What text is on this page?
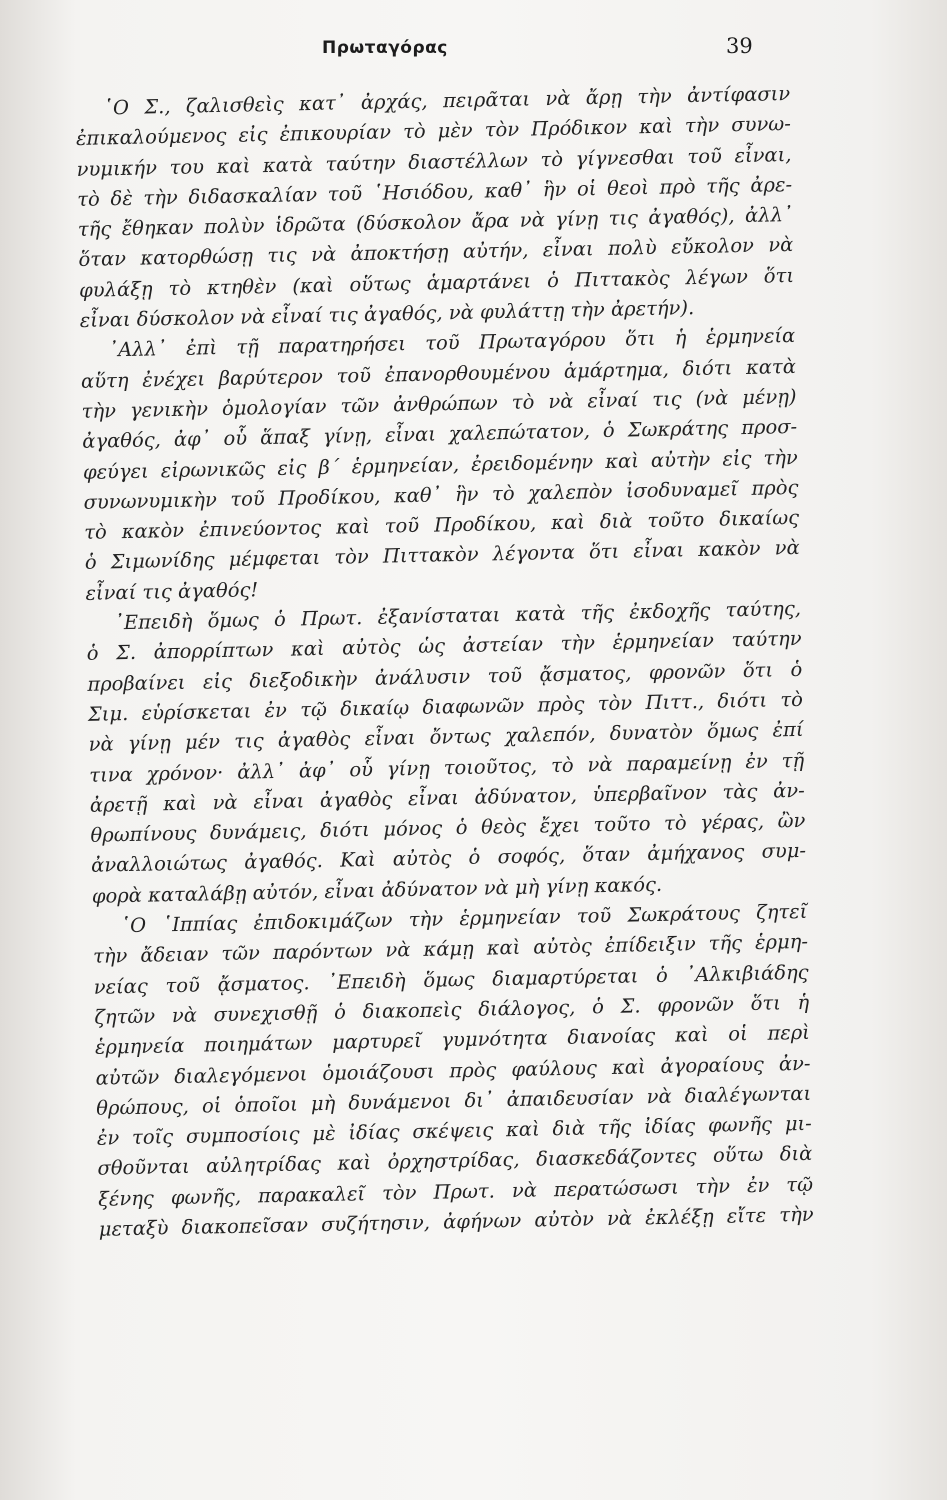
Πρωταγόρας	39
῾Ο Σ., ζαλισθεὶς κατ᾽ ἀρχάς, πειρᾶται νὰ ἄρῃ τὴν ἀντίφασιν
ἐπικαλούμενος εἰς ἐπικουρίαν τὸ μὲν τὸν Πρόδικον καὶ τὴν συνω-
νυμικήν του καὶ κατὰ ταύτην διαστέλλων τὸ γίγνεσθαι τοῦ εἶναι,
τὸ δὲ τὴν διδασκαλίαν τοῦ ῾Ησιόδου, καθ᾽ ἣν οἱ θεοὶ πρὸ τῆς ἀρε-
τῆς ἔθηκαν πολὺν ἱδρῶτα (δύσκολον ἄρα νὰ γίνῃ τις ἀγαθός), ἀλλ᾽
ὅταν κατορθώσῃ τις νὰ ἀποκτήσῃ αὐτήν, εἶναι πολὺ εὔκολον νὰ
φυλάξῃ τὸ κτηθὲν (καὶ οὕτως ἁμαρτάνει ὁ Πιττακὸς λέγων ὅτι
εἶναι δύσκολον νὰ εἶναί τις ἀγαθός, νὰ φυλάττῃ τὴν ἀρετήν).
᾽Αλλ᾽ ἐπὶ τῇ παρατηρήσει τοῦ Πρωταγόρου ὅτι ἡ ἑρμηνεία
αὕτη ἐνέχει βαρύτερον τοῦ ἐπανορθουμένου ἁμάρτημα, διότι κατὰ
τὴν γενικὴν ὁμολογίαν τῶν ἀνθρώπων τὸ νὰ εἶναί τις (νὰ μένῃ)
ἀγαθός, ἀφ᾽ οὗ ἅπαξ γίνῃ, εἶναι χαλεπώτατον, ὁ Σωκράτης προσ-
φεύγει εἰρωνικῶς εἰς β´ ἑρμηνείαν, ἐρειδομένην καὶ αὐτὴν εἰς τὴν
συνωνυμικὴν τοῦ Προδίκου, καθ᾽ ἣν τὸ χαλεπὸν ἰσοδυναμεῖ πρὸς
τὸ κακὸν ἐπινεύοντος καὶ τοῦ Προδίκου, καὶ διὰ τοῦτο δικαίως
ὁ Σιμωνίδης μέμφεται τὸν Πιττακὸν λέγοντα ὅτι εἶναι κακὸν νὰ
εἶναί τις ἀγαθός!
᾽Επειδὴ ὅμως ὁ Πρωτ. ἐξανίσταται κατὰ τῆς ἐκδοχῆς ταύτης,
ὁ Σ. ἀπορρίπτων καὶ αὐτὸς ὡς ἀστείαν τὴν ἑρμηνείαν ταύτην
προβαίνει εἰς διεξοδικὴν ἀνάλυσιν τοῦ ᾄσματος, φρονῶν ὅτι ὁ
Σιμ. εὑρίσκεται ἐν τῷ δικαίῳ διαφωνῶν πρὸς τὸν Πιττ., διότι τὸ
νὰ γίνῃ μέν τις ἀγαθὸς εἶναι ὄντως χαλεπόν, δυνατὸν ὅμως ἐπί
τινα χρόνον· ἀλλ᾽ ἀφ᾽ οὗ γίνῃ τοιοῦτος, τὸ νὰ παραμείνῃ ἐν τῇ
ἀρετῇ καὶ νὰ εἶναι ἀγαθὸς εἶναι ἀδύνατον, ὑπερβαῖνον τὰς ἀν-
θρωπίνους δυνάμεις, διότι μόνος ὁ θεὸς ἔχει τοῦτο τὸ γέρας, ὢν
ἀναλλοιώτως ἀγαθός. Καὶ αὐτὸς ὁ σοφός, ὅταν ἀμήχανος συμ-
φορὰ καταλάβῃ αὐτόν, εἶναι ἀδύνατον νὰ μὴ γίνῃ κακός.
῾Ο ῾Ιππίας ἐπιδοκιμάζων τὴν ἑρμηνείαν τοῦ Σωκράτους ζητεῖ
τὴν ἄδειαν τῶν παρόντων νὰ κάμῃ καὶ αὐτὸς ἐπίδειξιν τῆς ἑρμη-
νείας τοῦ ᾄσματος. ᾽Επειδὴ ὅμως διαμαρτύρεται ὁ ᾽Αλκιβιάδης
ζητῶν νὰ συνεχισθῇ ὁ διακοπεὶς διάλογος, ὁ Σ. φρονῶν ὅτι ἡ
ἑρμηνεία ποιημάτων μαρτυρεῖ γυμνότητα διανοίας καὶ οἱ περὶ
αὐτῶν διαλεγόμενοι ὁμοιάζουσι πρὸς φαύλους καὶ ἀγοραίους ἀν-
θρώπους, οἱ ὁποῖοι μὴ δυνάμενοι δι᾽ ἀπαιδευσίαν νὰ διαλέγωνται
ἐν τοῖς συμποσίοις μὲ ἰδίας σκέψεις καὶ διὰ τῆς ἰδίας φωνῆς μι-
σθοῦνται αὐλητρίδας καὶ ὀρχηστρίδας, διασκεδάζοντες οὕτω διὰ
ξένης φωνῆς, παρακαλεῖ τὸν Πρωτ. νὰ περατώσωσι τὴν ἐν τῷ
μεταξὺ διακοπεῖσαν συζήτησιν, ἀφήνων αὐτὸν νὰ ἐκλέξῃ εἴτε τὴν
